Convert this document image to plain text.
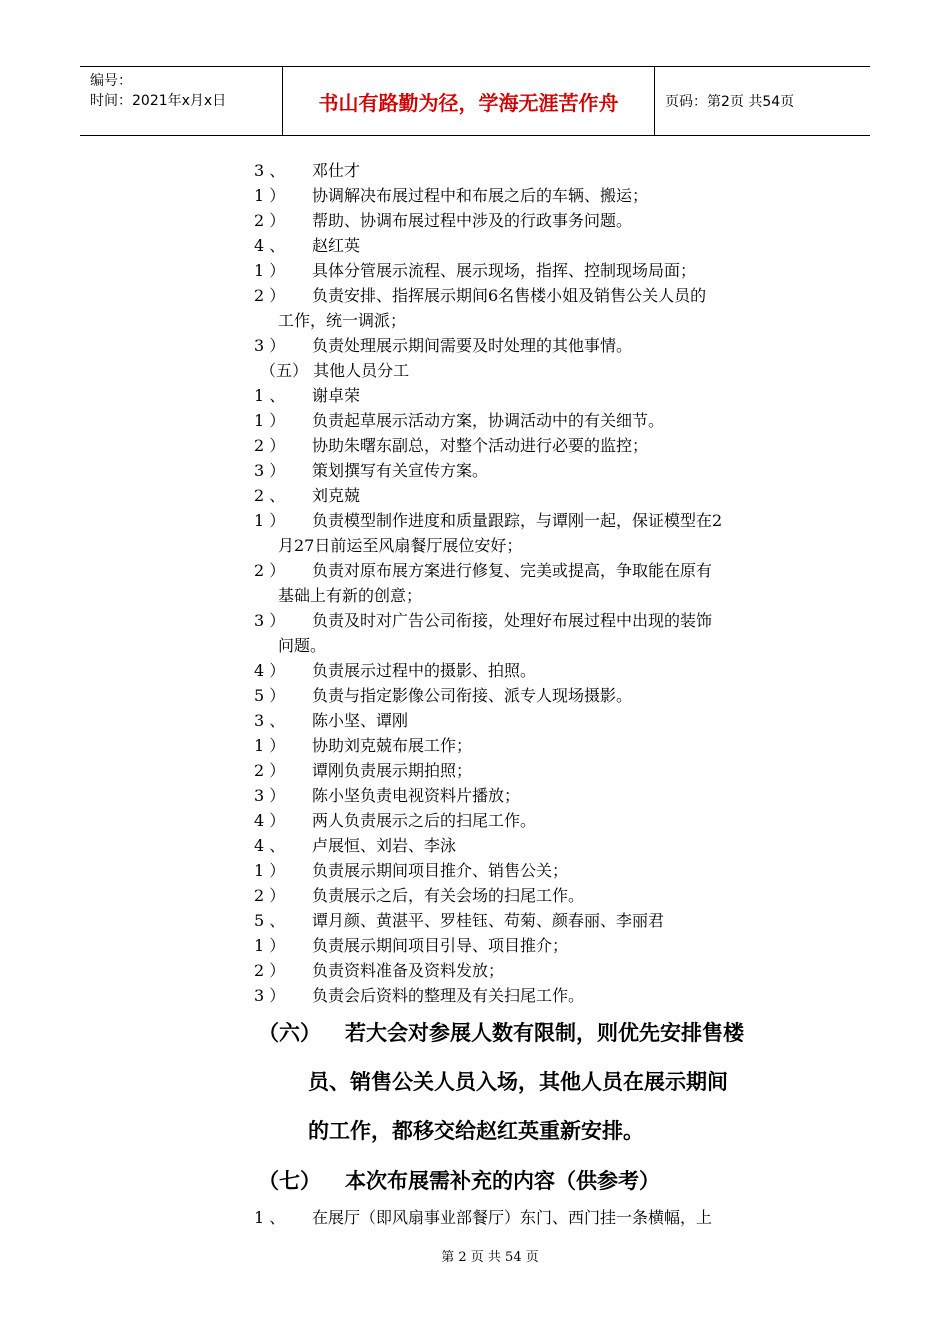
编号：
时间：2021年x月x日	书山有路勤为径，学海无涯苦作舟	页码：第2页 共54页
3 、 邓仕才
1 ） 协调解决布展过程中和布展之后的车辆、搬运；
2 ） 帮助、协调布展过程中涉及的行政事务问题。
4 、 赵红英
1 ） 具体分管展示流程、展示现场，指挥、控制现场局面；
2 ） 负责安排、指挥展示期间6名售楼小姐及销售公关人员的
工作，统一调派；
3 ） 负责处理展示期间需要及时处理的其他事情。
（五） 其他人员分工
1 、 谢卓荣
1 ） 负责起草展示活动方案，协调活动中的有关细节。
2 ） 协助朱曙东副总，对整个活动进行必要的监控；
3 ） 策划撰写有关宣传方案。
2 、 刘克兢
1 ） 负责模型制作进度和质量跟踪，与谭刚一起，保证模型在2
月27日前运至风扇餐厅展位安好；
2 ） 负责对原布展方案进行修复、完美或提高，争取能在原有
基础上有新的创意；
3 ） 负责及时对广告公司衔接，处理好布展过程中出现的装饰
问题。
4 ） 负责展示过程中的摄影、拍照。
5 ） 负责与指定影像公司衔接、派专人现场摄影。
3 、 陈小坚、谭刚
1 ） 协助刘克兢布展工作；
2 ） 谭刚负责展示期拍照；
3 ） 陈小坚负责电视资料片播放；
4 ） 两人负责展示之后的扫尾工作。
4 、 卢展恒、刘岩、李泳
1 ） 负责展示期间项目推介、销售公关；
2 ） 负责展示之后，有关会场的扫尾工作。
5 、 谭月颜、黄湛平、罗桂钰、苟菊、颜春丽、李丽君
1 ） 负责展示期间项目引导、项目推介；
2 ） 负责资料准备及资料发放；
3 ） 负责会后资料的整理及有关扫尾工作。
（六） 若大会对参展人数有限制，则优先安排售楼
员、销售公关人员入场，其他人员在展示期间
的工作，都移交给赵红英重新安排。
（七） 本次布展需补充的内容（供参考）
1 、 在展厅（即风扇事业部餐厅）东门、西门挂一条横幅，上
第 2 页 共 54 页
